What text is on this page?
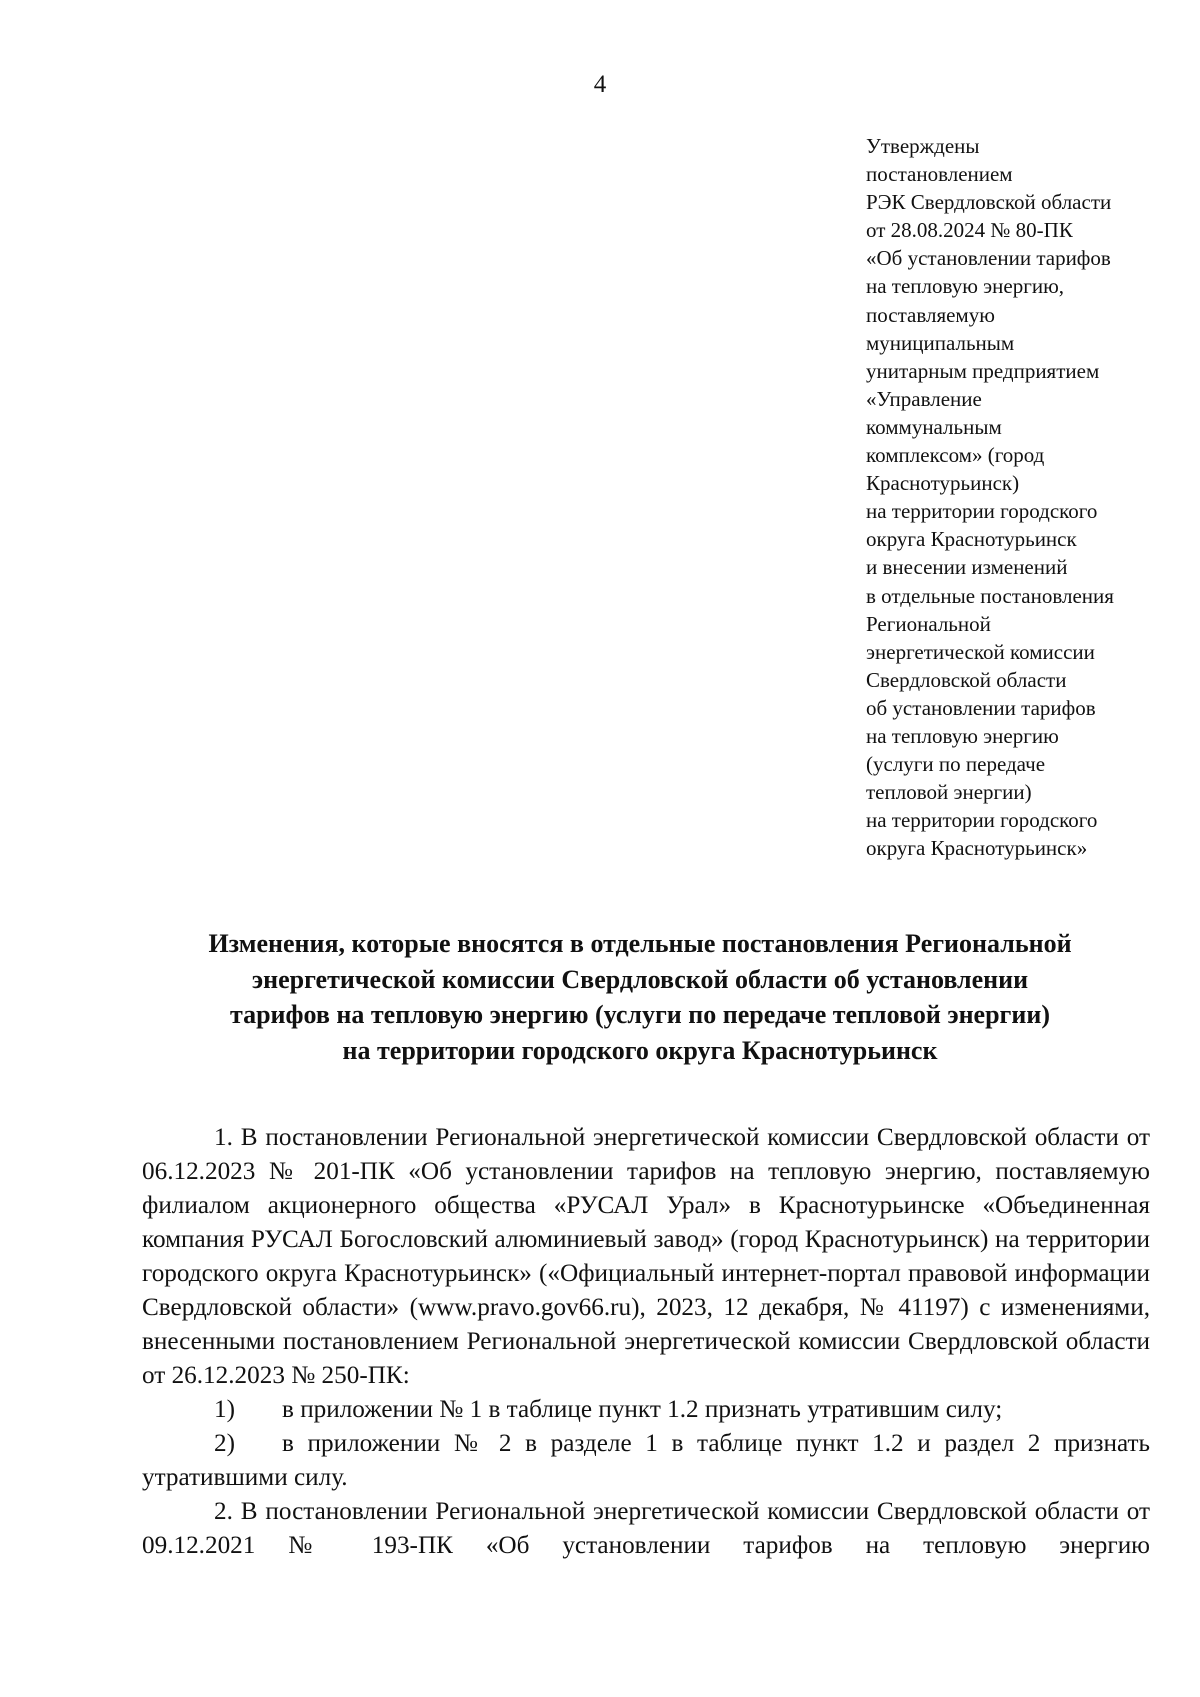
4
Утверждены
постановлением
РЭК Свердловской области
от 28.08.2024 № 80-ПК
«Об установлении тарифов
на тепловую энергию,
поставляемую
муниципальным
унитарным предприятием
«Управление
коммунальным
комплексом» (город
Краснотурьинск)
на территории городского
округа Краснотурьинск
и внесении изменений
в отдельные постановления
Региональной
энергетической комиссии
Свердловской области
об установлении тарифов
на тепловую энергию
(услуги по передаче
тепловой энергии)
на территории городского
округа Краснотурьинск»
Изменения, которые вносятся в отдельные постановления Региональной
энергетической комиссии Свердловской области об установлении
тарифов на тепловую энергию (услуги по передаче тепловой энергии)
на территории городского округа Краснотурьинск

1. В постановлении Региональной энергетической комиссии Свердловской области от 06.12.2023 № 201-ПК «Об установлении тарифов на тепловую энергию, поставляемую филиалом акционерного общества «РУСАЛ Урал» в Краснотурьинске «Объединенная компания РУСАЛ Богословский алюминиевый завод» (город Краснотурьинск) на территории городского округа Краснотурьинск» («Официальный интернет-портал правовой информации Свердловской области» (www.pravo.gov66.ru), 2023, 12 декабря, № 41197) с изменениями, внесенными постановлением Региональной энергетической комиссии Свердловской области от 26.12.2023 № 250-ПК:

1) в приложении № 1 в таблице пункт 1.2 признать утратившим силу;

2) в приложении № 2 в разделе 1 в таблице пункт 1.2 и раздел 2 признать утратившими силу.

2. В постановлении Региональной энергетической комиссии Свердловской области от 09.12.2021 № 193-ПК «Об установлении тарифов на тепловую энергию
